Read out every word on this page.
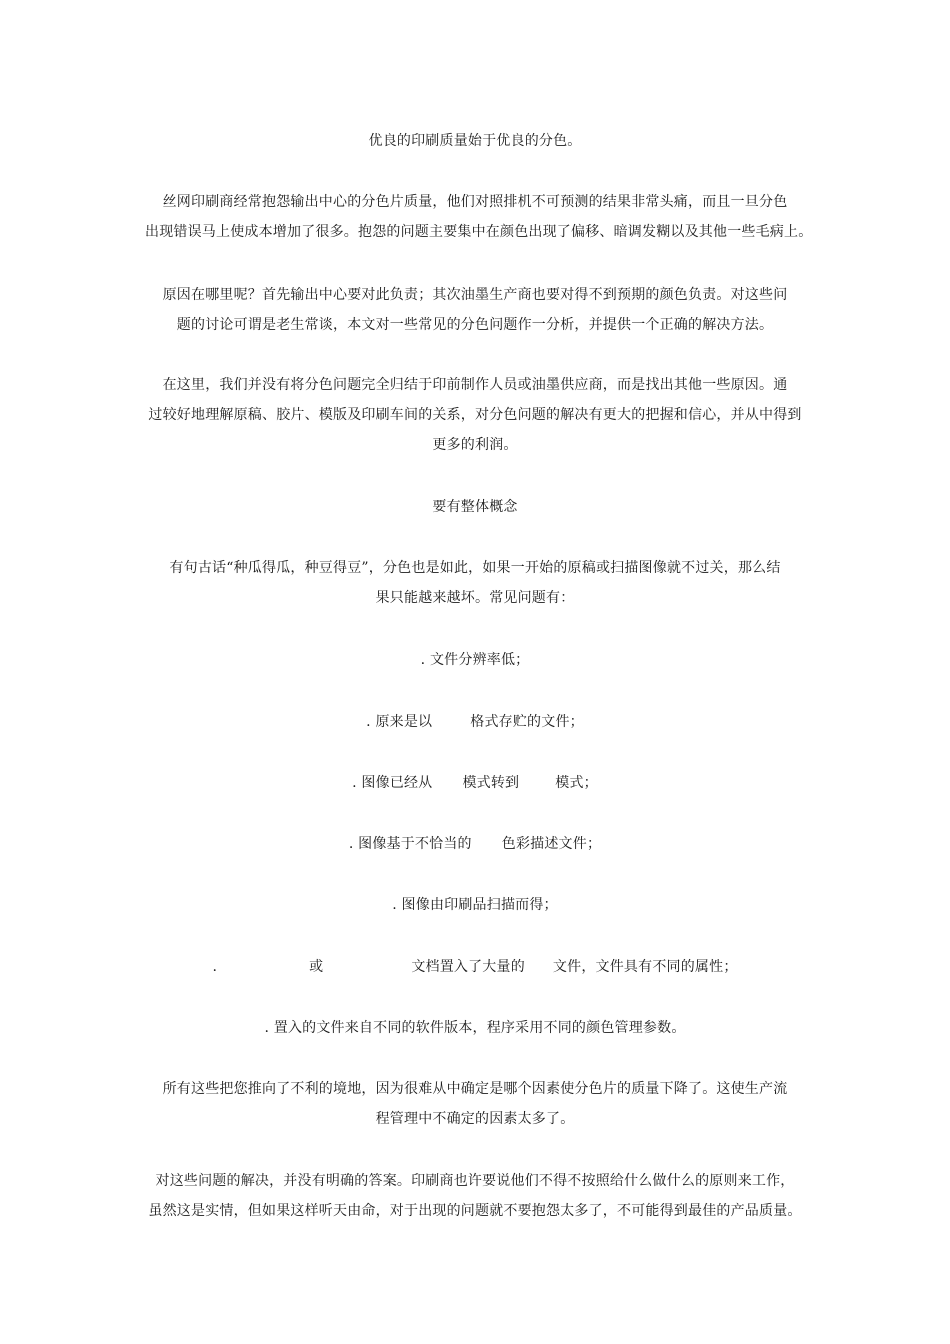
优良的印刷质量始于优良的分色。

丝网印刷商经常抱怨输出中心的分色片质量，他们对照排机不可预测的结果非常头痛，而且一旦分色
出现错误马上使成本增加了很多。抱怨的问题主要集中在颜色出现了偏移、暗调发糊以及其他一些毛病上。

原因在哪里呢？首先输出中心要对此负责；其次油墨生产商也要对得不到预期的颜色负责。对这些问
题的讨论可谓是老生常谈，本文对一些常见的分色问题作一分析，并提供一个正确的解决方法。

在这里，我们并没有将分色问题完全归结于印前制作人员或油墨供应商，而是找出其他一些原因。通
过较好地理解原稿、胶片、模版及印刷车间的关系，对分色问题的解决有更大的把握和信心，并从中得到
更多的利润。

要有整体概念

有句古话“种瓜得瓜，种豆得豆”，分色也是如此，如果一开始的原稿或扫描图像就不过关，那么结
果只能越来越坏。常见问题有：

. 文件分辨率低；

. 原来是以	格式存贮的文件；

. 图像已经从 模式转到	模式；

. 图像基于不恰当的 色彩描述文件；

. 图像由印刷品扫描而得；

.	或	文档置入了大量的 文件，文件具有不同的属性；

. 置入的文件来自不同的软件版本，程序采用不同的颜色管理参数。

所有这些把您推向了不利的境地，因为很难从中确定是哪个因素使分色片的质量下降了。这使生产流
程管理中不确定的因素太多了。

对这些问题的解决，并没有明确的答案。印刷商也许要说他们不得不按照给什么做什么的原则来工作，
虽然这是实情，但如果这样听天由命，对于出现的问题就不要抱怨太多了，不可能得到最佳的产品质量。
